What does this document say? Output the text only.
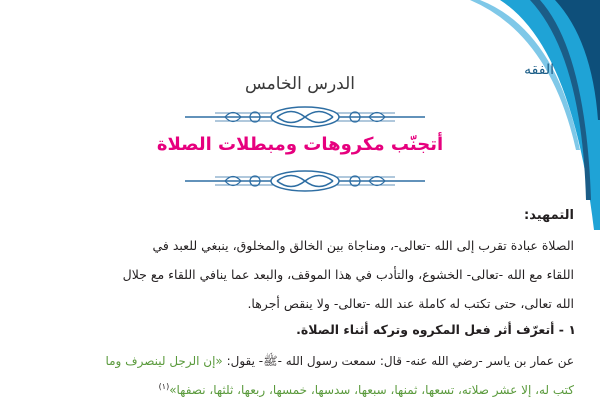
الفقه
الدرس الخامس
أتجنّب مكروهات ومبطلات الصلاة
التمهيد:
الصلاة عبادة تقرب إلى الله -تعالى-، ومناجاة بين الخالق والمخلوق، ينبغي للعبد في
اللقاء مع الله -تعالى- الخشوع، والتأدب في هذا الموقف، والبعد عما ينافي اللقاء مع جلال
الله تعالى، حتى تكتب له كاملة عند الله -تعالى- ولا ينقص أجرها.
١ - أتعرّف أثر فعل المكروه وتركه أثناء الصلاة.
عن عمار بن ياسر -رضي الله عنه- قال: سمعت رسول الله -ﷺ- يقول: «إن الرجل لينصرف وما
كتب له، إلا عشر صلاته، تسعها، ثمنها، سبعها، سدسها، خمسها، ربعها، ثلثها، نصفها»$^{(١)}$
